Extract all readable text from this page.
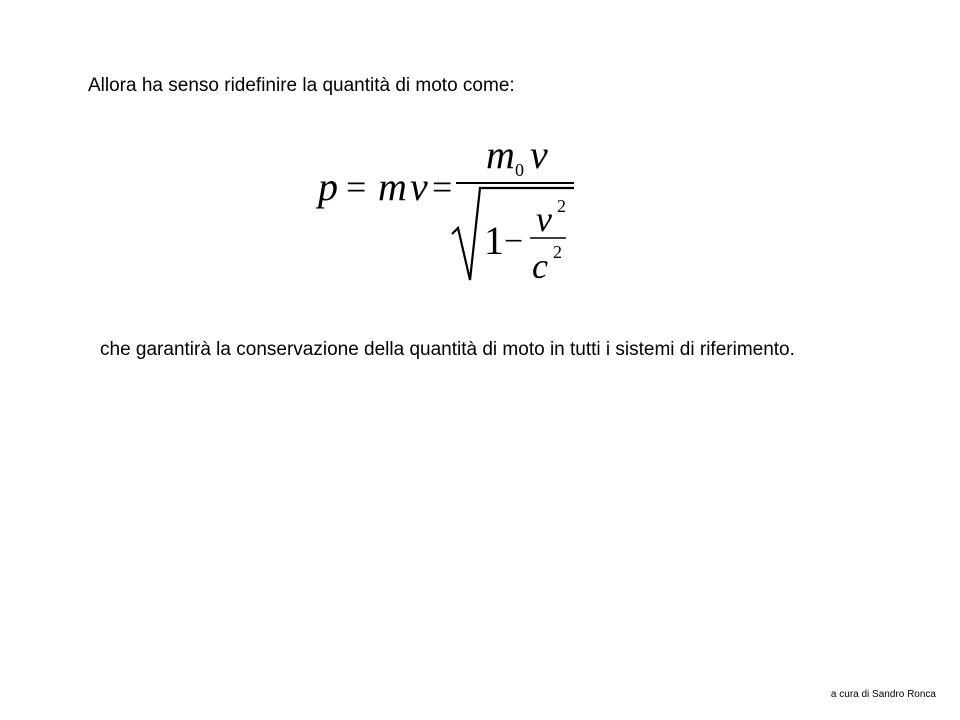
Allora ha senso ridefinire la quantità di moto come:
p = m v =
m 0 v
1 −
v 2
c 2
che garantirà la conservazione della quantità di moto in tutti i sistemi di riferimento.
a cura di Sandro Ronca
